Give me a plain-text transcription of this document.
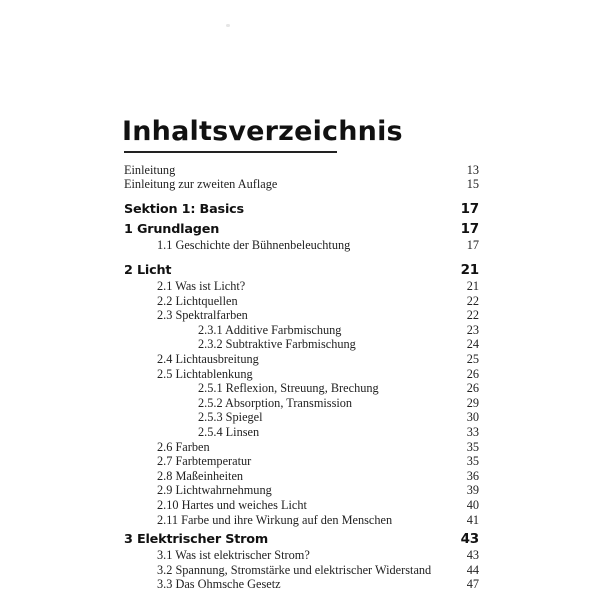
Inhaltsverzeichnis
Einleitung	13
Einleitung zur zweiten Auflage	15
Sektion 1: Basics	17
1 Grundlagen	17
1.1 Geschichte der Bühnenbeleuchtung	17
2 Licht	21
2.1 Was ist Licht?	21
2.2 Lichtquellen	22
2.3 Spektralfarben	22
2.3.1 Additive Farbmischung	23
2.3.2 Subtraktive Farbmischung	24
2.4 Lichtausbreitung	25
2.5 Lichtablenkung	26
2.5.1 Reflexion, Streuung, Brechung	26
2.5.2 Absorption, Transmission	29
2.5.3 Spiegel	30
2.5.4 Linsen	33
2.6 Farben	35
2.7 Farbtemperatur	35
2.8 Maßeinheiten	36
2.9 Lichtwahrnehmung	39
2.10 Hartes und weiches Licht	40
2.11 Farbe und ihre Wirkung auf den Menschen	41
3 Elektrischer Strom	43
3.1 Was ist elektrischer Strom?	43
3.2 Spannung, Stromstärke und elektrischer Widerstand	44
3.3 Das Ohmsche Gesetz	47
